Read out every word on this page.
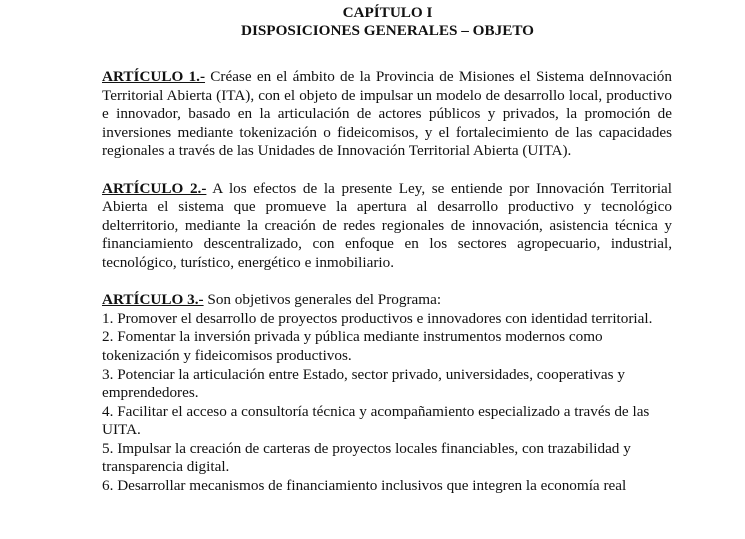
CAPÍTULO I
DISPOSICIONES GENERALES – OBJETO

ARTÍCULO 1.- Créase en el ámbito de la Provincia de Misiones el Sistema deInnovación Territorial Abierta (ITA), con el objeto de impulsar un modelo de desarrollo local, productivo e innovador, basado en la articulación de actores públicos y privados, la promoción de inversiones mediante tokenización o fideicomisos, y el fortalecimiento de las capacidades regionales a través de las Unidades de Innovación Territorial Abierta (UITA).

ARTÍCULO 2.- A los efectos de la presente Ley, se entiende por Innovación Territorial Abierta el sistema que promueve la apertura al desarrollo productivo y tecnológico delterritorio, mediante la creación de redes regionales de innovación, asistencia técnica y financiamiento descentralizado, con enfoque en los sectores agropecuario, industrial, tecnológico, turístico, energético e inmobiliario.

ARTÍCULO 3.- Son objetivos generales del Programa:

1. Promover el desarrollo de proyectos productivos e innovadores con identidad territorial.

2. Fomentar la inversión privada y pública mediante instrumentos modernos como tokenización y fideicomisos productivos.

3. Potenciar la articulación entre Estado, sector privado, universidades, cooperativas y emprendedores.

4. Facilitar el acceso a consultoría técnica y acompañamiento especializado a través de las

UITA.

5. Impulsar la creación de carteras de proyectos locales financiables, con trazabilidad y transparencia digital.

6. Desarrollar mecanismos de financiamiento inclusivos que integren la economía real
